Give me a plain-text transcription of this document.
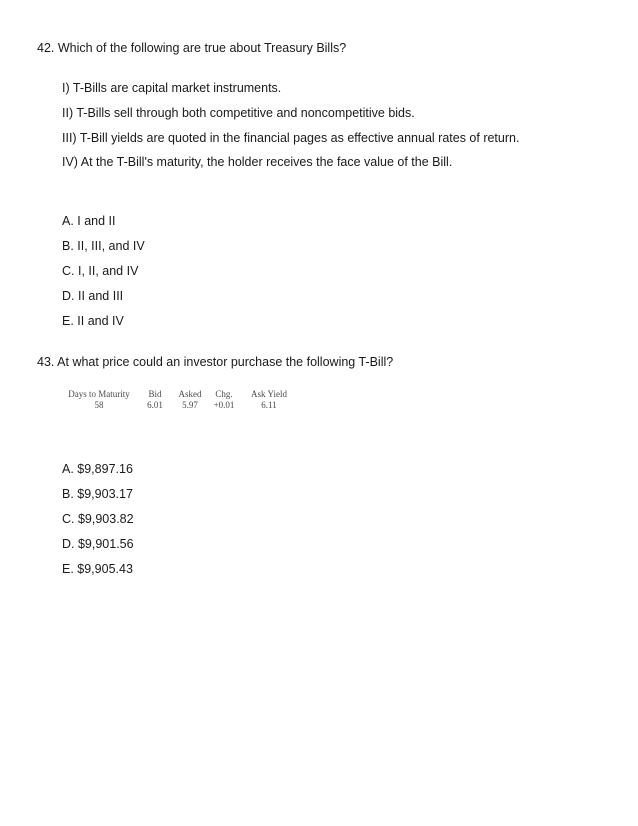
42. Which of the following are true about Treasury Bills?
I) T-Bills are capital market instruments.
II) T-Bills sell through both competitive and noncompetitive bids.
III) T-Bill yields are quoted in the financial pages as effective annual rates of return.
IV) At the T-Bill's maturity, the holder receives the face value of the Bill.
A. I and II
B. II, III, and IV
C. I, II, and IV
D. II and III
E. II and IV
43. At what price could an investor purchase the following T-Bill?
Days to Maturity
58
Bid
6.01
Asked
5.97
Chg.
+0.01
Ask Yield
6.11
A. $9,897.16
B. $9,903.17
C. $9,903.82
D. $9,901.56
E. $9,905.43
